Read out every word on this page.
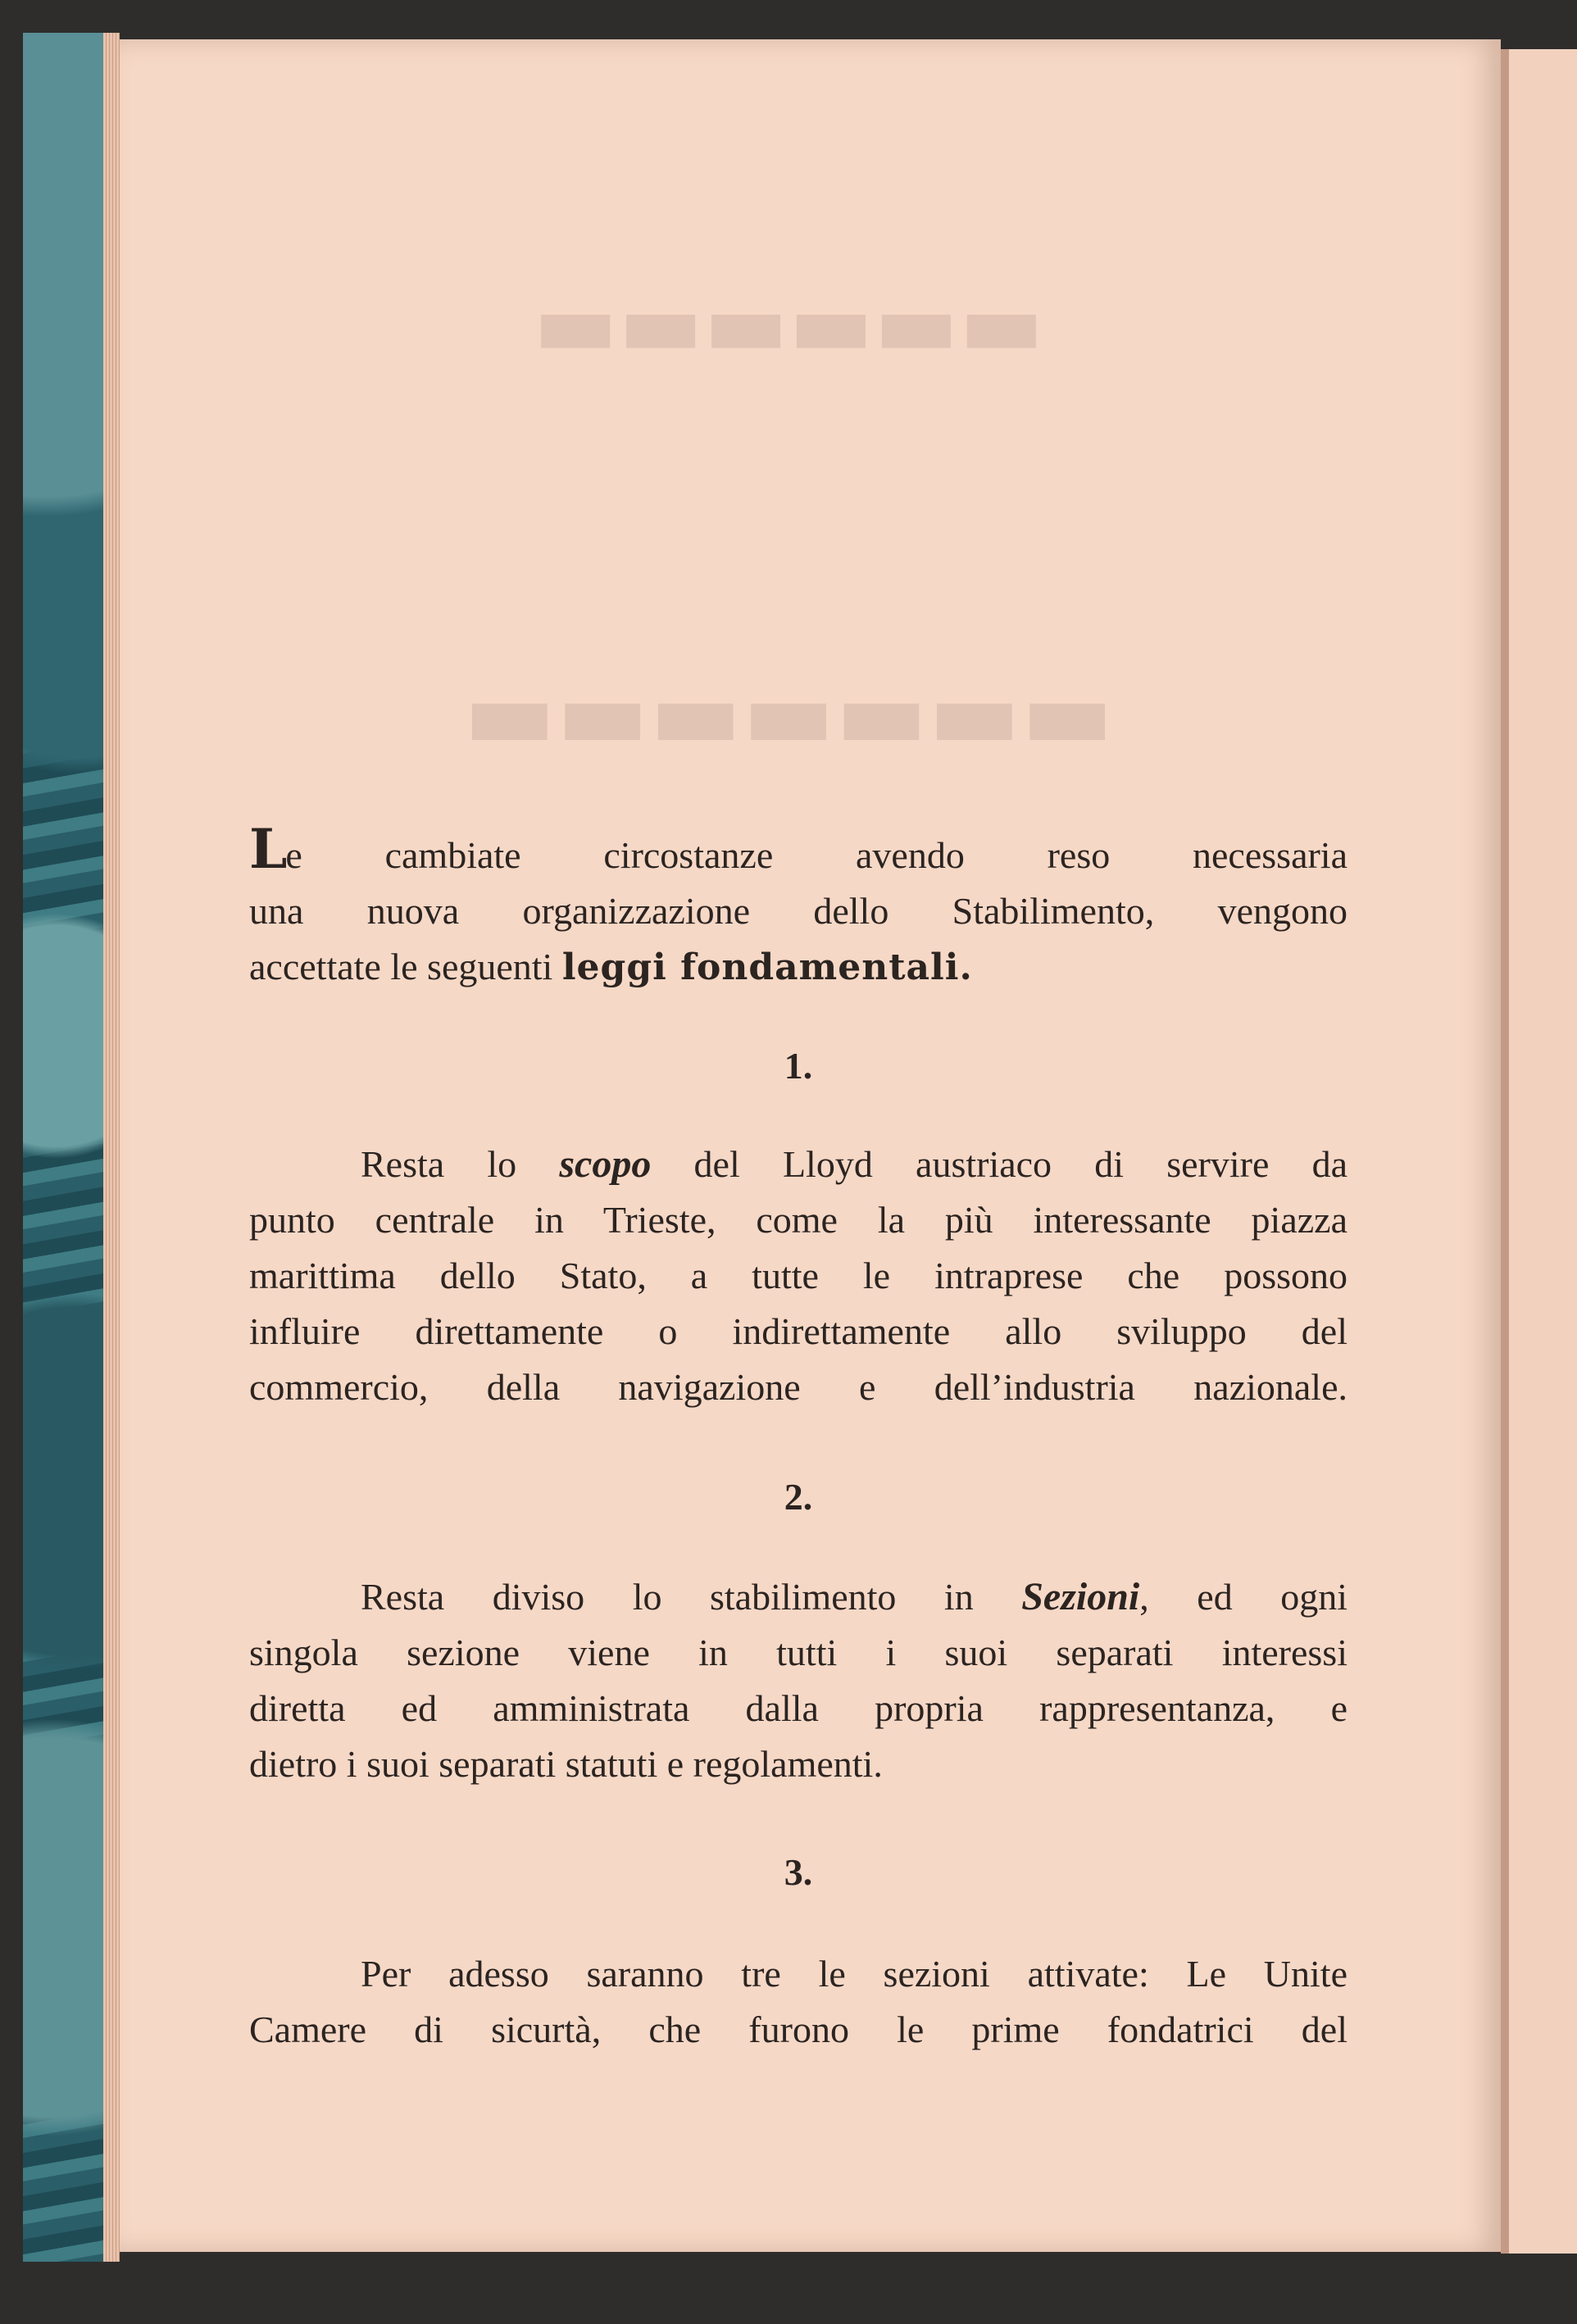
▬▬▬▬▬▬
▬▬▬▬▬▬▬
Le cambiate circostanze avendo reso necessaria
una nuova organizzazione dello Stabilimento, vengono
accettate le seguenti leggi fondamentali.

1.

Resta lo scopo del Lloyd austriaco di servire da
punto centrale in Trieste, come la più interessante piazza
marittima dello Stato, a tutte le intraprese che possono
influire direttamente o indirettamente allo sviluppo del
commercio, della navigazione e dell’industria nazionale.

2.

Resta diviso lo stabilimento in Sezioni, ed ogni
singola sezione viene in tutti i suoi separati interessi
diretta ed amministrata dalla propria rappresentanza, e
dietro i suoi separati statuti e regolamenti.

3.

Per adesso saranno tre le sezioni attivate: Le Unite
Camere di sicurtà, che furono le prime fondatrici del
